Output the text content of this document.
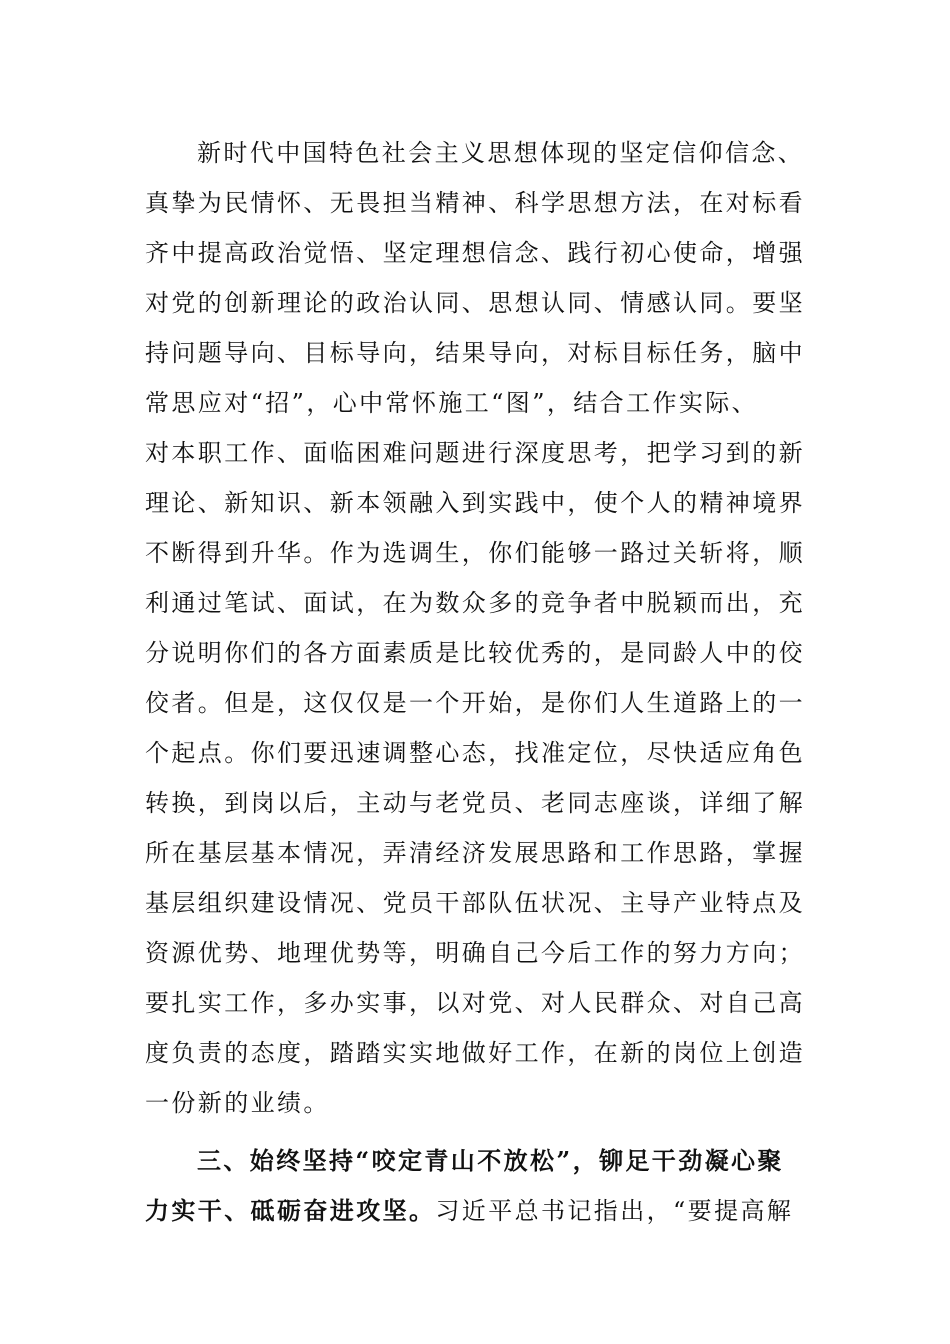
新时代中国特色社会主义思想体现的坚定信仰信念、
真挚为民情怀、无畏担当精神、科学思想方法，在对标看
齐中提高政治觉悟、坚定理想信念、践行初心使命，增强
对党的创新理论的政治认同、思想认同、情感认同。要坚
持问题导向、目标导向，结果导向，对标目标任务，脑中
常思应对“招”，心中常怀施工“图”，结合工作实际、
对本职工作、面临困难问题进行深度思考，把学习到的新
理论、新知识、新本领融入到实践中，使个人的精神境界
不断得到升华。作为选调生，你们能够一路过关斩将，顺
利通过笔试、面试，在为数众多的竞争者中脱颖而出，充
分说明你们的各方面素质是比较优秀的，是同龄人中的佼
佼者。但是，这仅仅是一个开始，是你们人生道路上的一
个起点。你们要迅速调整心态，找准定位，尽快适应角色
转换，到岗以后，主动与老党员、老同志座谈，详细了解
所在基层基本情况，弄清经济发展思路和工作思路，掌握
基层组织建设情况、党员干部队伍状况、主导产业特点及
资源优势、地理优势等，明确自己今后工作的努力方向；
要扎实工作，多办实事，以对党、对人民群众、对自己高
度负责的态度，踏踏实实地做好工作，在新的岗位上创造
一份新的业绩。
三、始终坚持“咬定青山不放松”，铆足干劲凝心聚
力实干、砥砺奋进攻坚。习近平总书记指出，“要提高解
